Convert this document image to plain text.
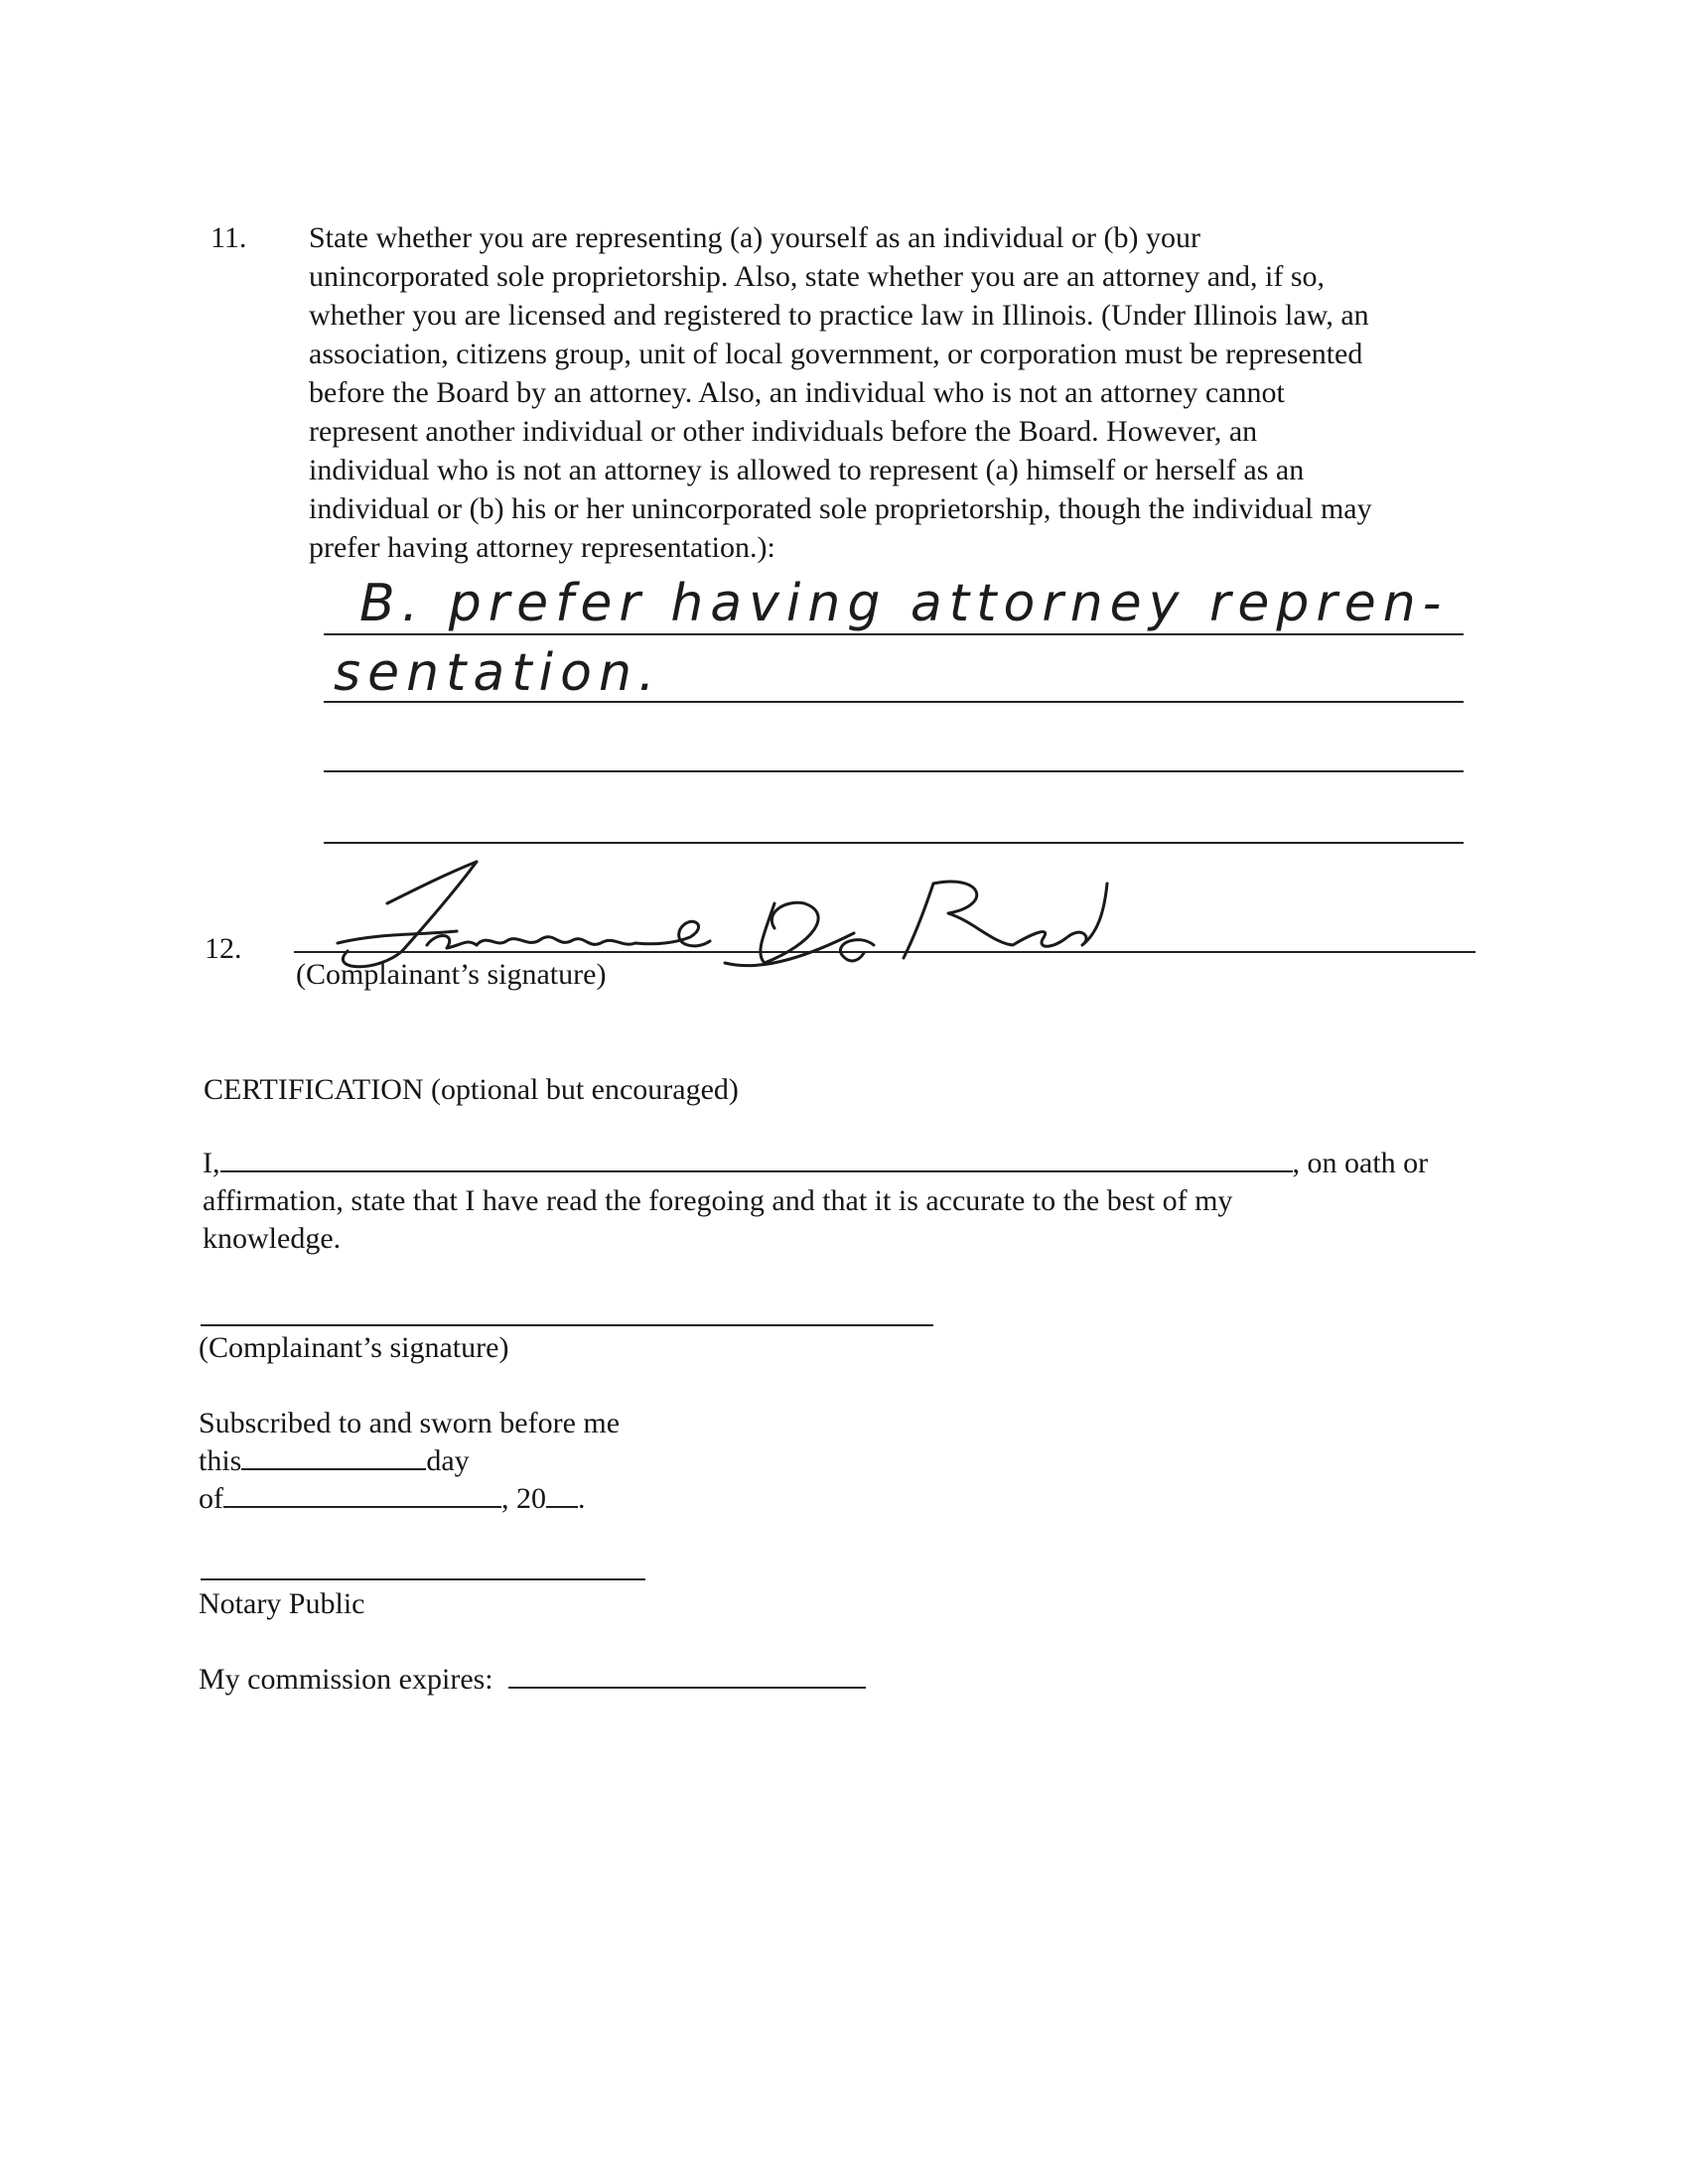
11. State whether you are representing (a) yourself as an individual or (b) your
unincorporated sole proprietorship. Also, state whether you are an attorney and, if so,
whether you are licensed and registered to practice law in Illinois. (Under Illinois law, an
association, citizens group, unit of local government, or corporation must be represented
before the Board by an attorney. Also, an individual who is not an attorney cannot
represent another individual or other individuals before the Board. However, an
individual who is not an attorney is allowed to represent (a) himself or herself as an
individual or (b) his or her unincorporated sole proprietorship, though the individual may
prefer having attorney representation.):
B. prefer having attorney repren-
sentation.
12.
(Complainant’s signature)
CERTIFICATION (optional but encouraged)
I,	, on oath or
affirmation, state that I have read the foregoing and that it is accurate to the best of my
knowledge.
(Complainant’s signature)
Subscribed to and sworn before me
this	day
of	, 20 .
Notary Public
My commission expires:
